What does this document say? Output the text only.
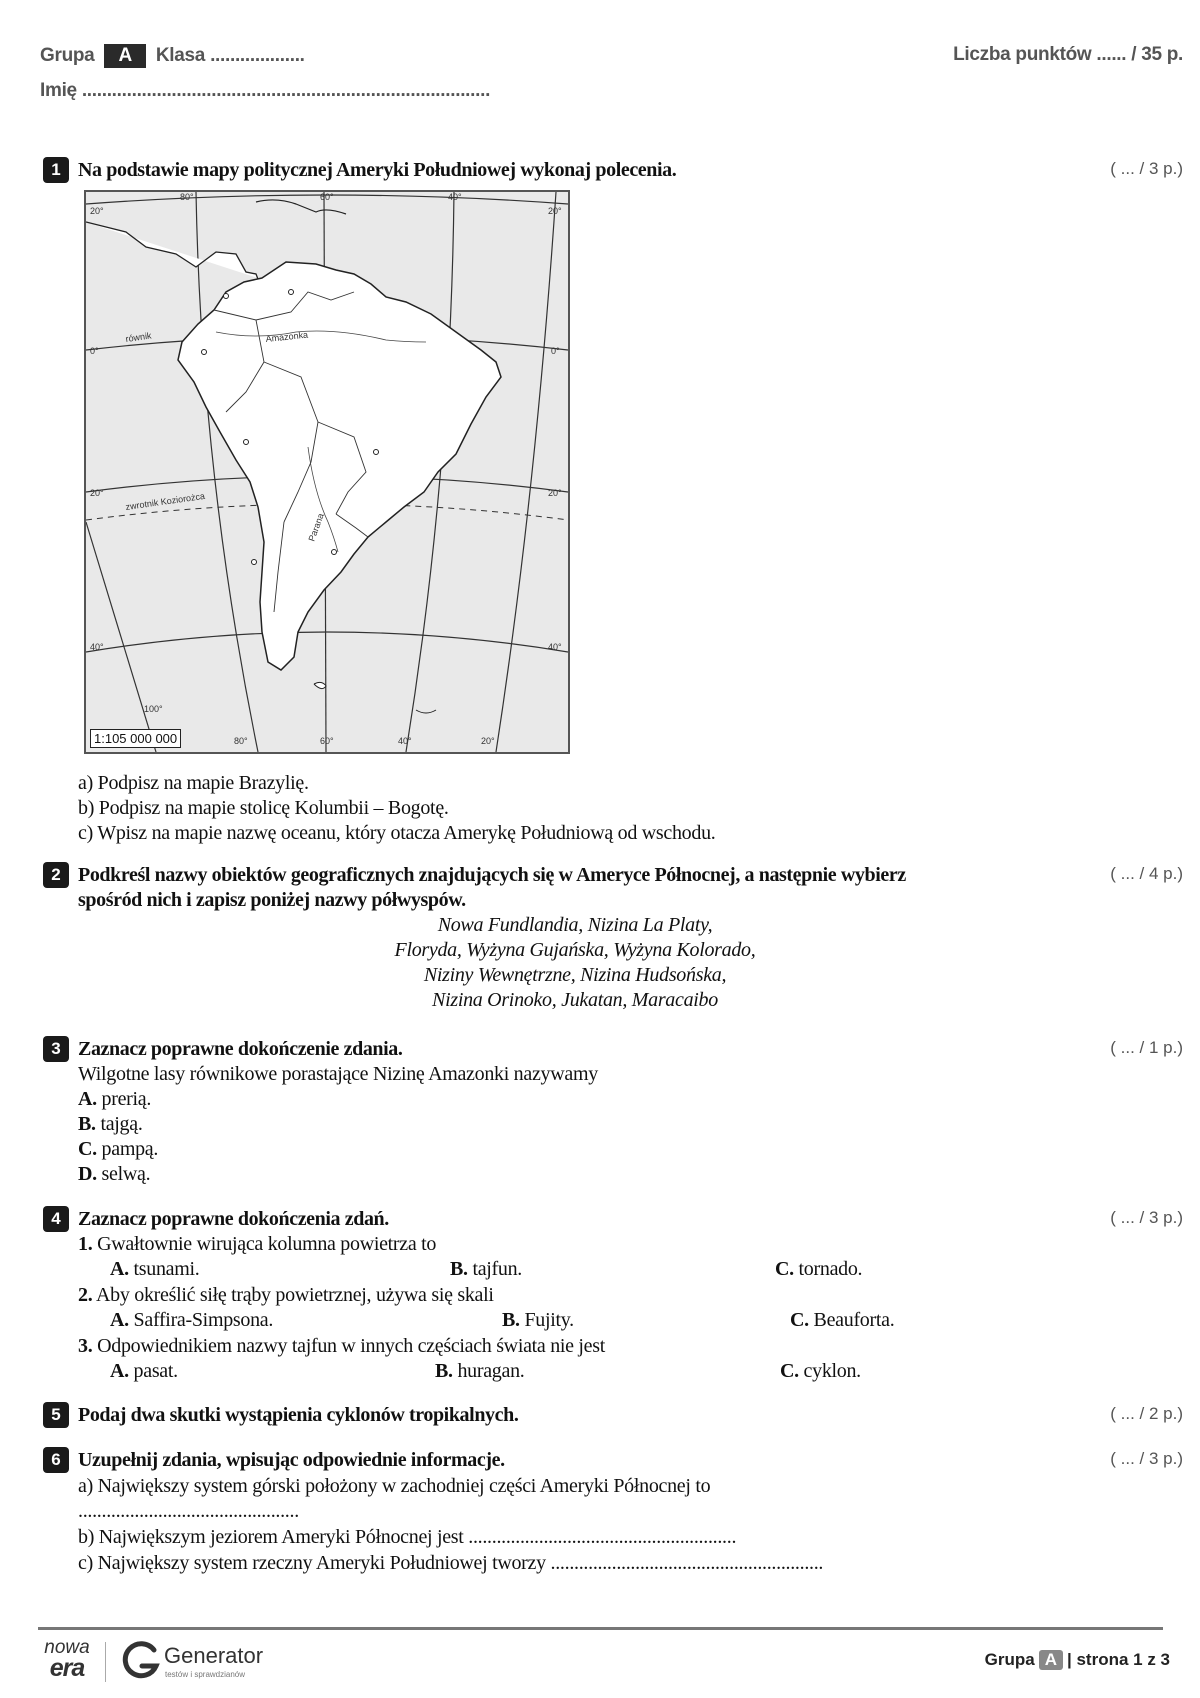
Grupa A Klasa ...................	Liczba punktów ...... / 35 p.
Imię ..................................................................................
1 Na podstawie mapy politycznej Ameryki Południowej wykonaj polecenia.	( ... / 3 p.)
80°	60°	40°
80°	60°	40°	20°
100°
20°	20°
0°	0°
20°	20°
40°	40°
równik
zwrotnik Koziorożca
Amazonka
Parana
1:105 000 000
a) Podpisz na mapie Brazylię.
b) Podpisz na mapie stolicę Kolumbii – Bogotę.
c) Wpisz na mapie nazwę oceanu, który otacza Amerykę Południową od wschodu.
2 Podkreśl nazwy obiektów geograficznych znajdujących się w Ameryce Północnej, a następnie wybierz
spośród nich i zapisz poniżej nazwy półwyspów.
( ... / 4 p.)
Nowa Fundlandia, Nizina La Platy,
Floryda, Wyżyna Gujańska, Wyżyna Kolorado,
Niziny Wewnętrzne, Nizina Hudsońska,
Nizina Orinoko, Jukatan, Maracaibo
3 Zaznacz poprawne dokończenie zdania.	( ... / 1 p.)
Wilgotne lasy równikowe porastające Nizinę Amazonki nazywamy
A. prerią.
B. tajgą.
C. pampą.
D. selwą.
4 Zaznacz poprawne dokończenia zdań.	( ... / 3 p.)
1. Gwałtownie wirująca kolumna powietrza to
A. tsunami.	B. tajfun.	C. tornado.
2. Aby określić siłę trąby powietrznej, używa się skali
A. Saffira-Simpsona.	B. Fujity.	C. Beauforta.
3. Odpowiednikiem nazwy tajfun w innych częściach świata nie jest
A. pasat.	B. huragan.	C. cyklon.
5 Podaj dwa skutki wystąpienia cyklonów tropikalnych.	( ... / 2 p.)
6 Uzupełnij zdania, wpisując odpowiednie informacje.	( ... / 3 p.)
a) Największy system górski położony w zachodniej części Ameryki Północnej to
...............................................
b) Największym jeziorem Ameryki Północnej jest .........................................................
c) Największy system rzeczny Ameryki Południowej tworzy ..........................................................
nowa
era	Generator
testów i sprawdzianów
Grupa A | strona 1 z 3
